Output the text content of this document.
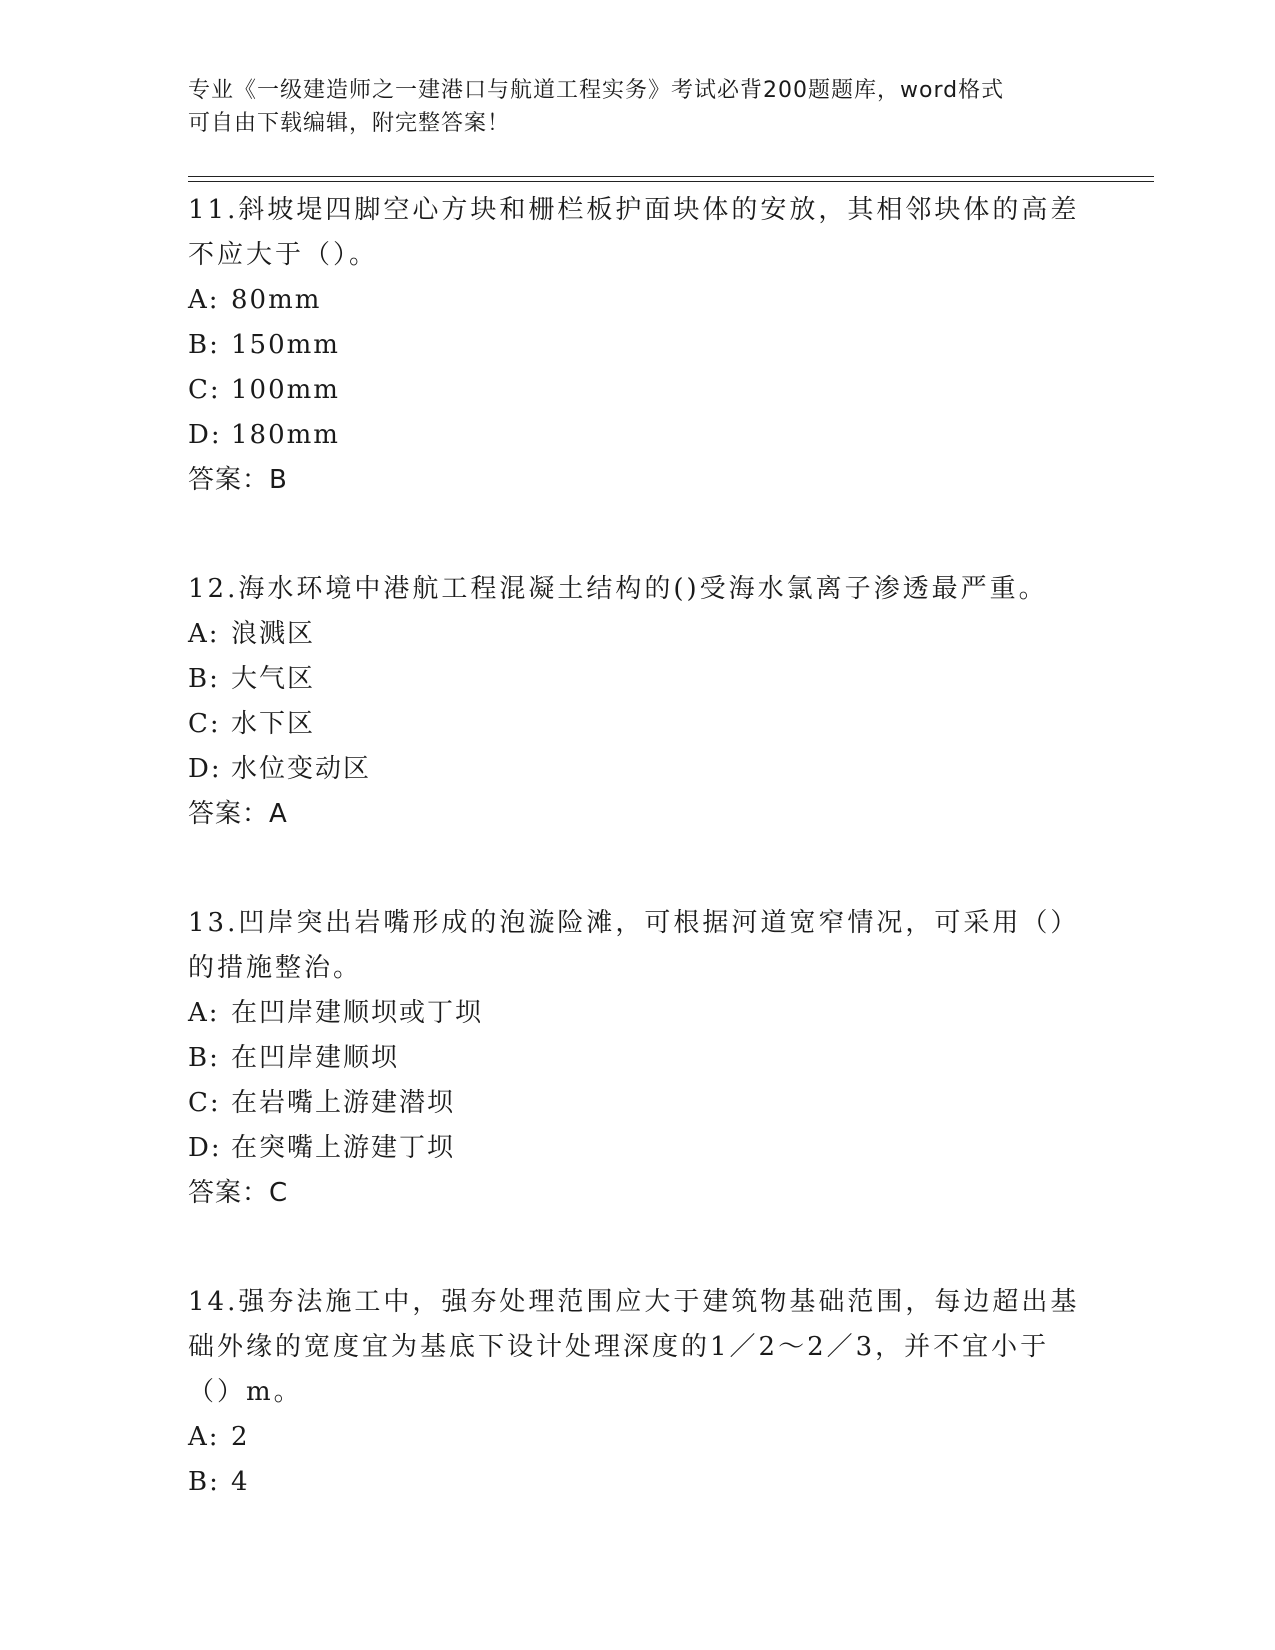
专业《一级建造师之一建港口与航道工程实务》考试必背200题题库，word格式
可自由下载编辑，附完整答案！
11.斜坡堤四脚空心方块和栅栏板护面块体的安放，其相邻块体的高差不应大于（）。
A: 80mm
B: 150mm
C: 100mm
D: 180mm
答案：B
12.海水环境中港航工程混凝土结构的()受海水氯离子渗透最严重。
A: 浪溅区
B: 大气区
C: 水下区
D: 水位变动区
答案：A
13.凹岸突出岩嘴形成的泡漩险滩，可根据河道宽窄情况，可采用（）的措施整治。
A: 在凹岸建顺坝或丁坝
B: 在凹岸建顺坝
C: 在岩嘴上游建潜坝
D: 在突嘴上游建丁坝
答案：C
14.强夯法施工中，强夯处理范围应大于建筑物基础范围，每边超出基础外缘的宽度宜为基底下设计处理深度的1／2～2／3，并不宜小于（）m。
A: 2
B: 4
